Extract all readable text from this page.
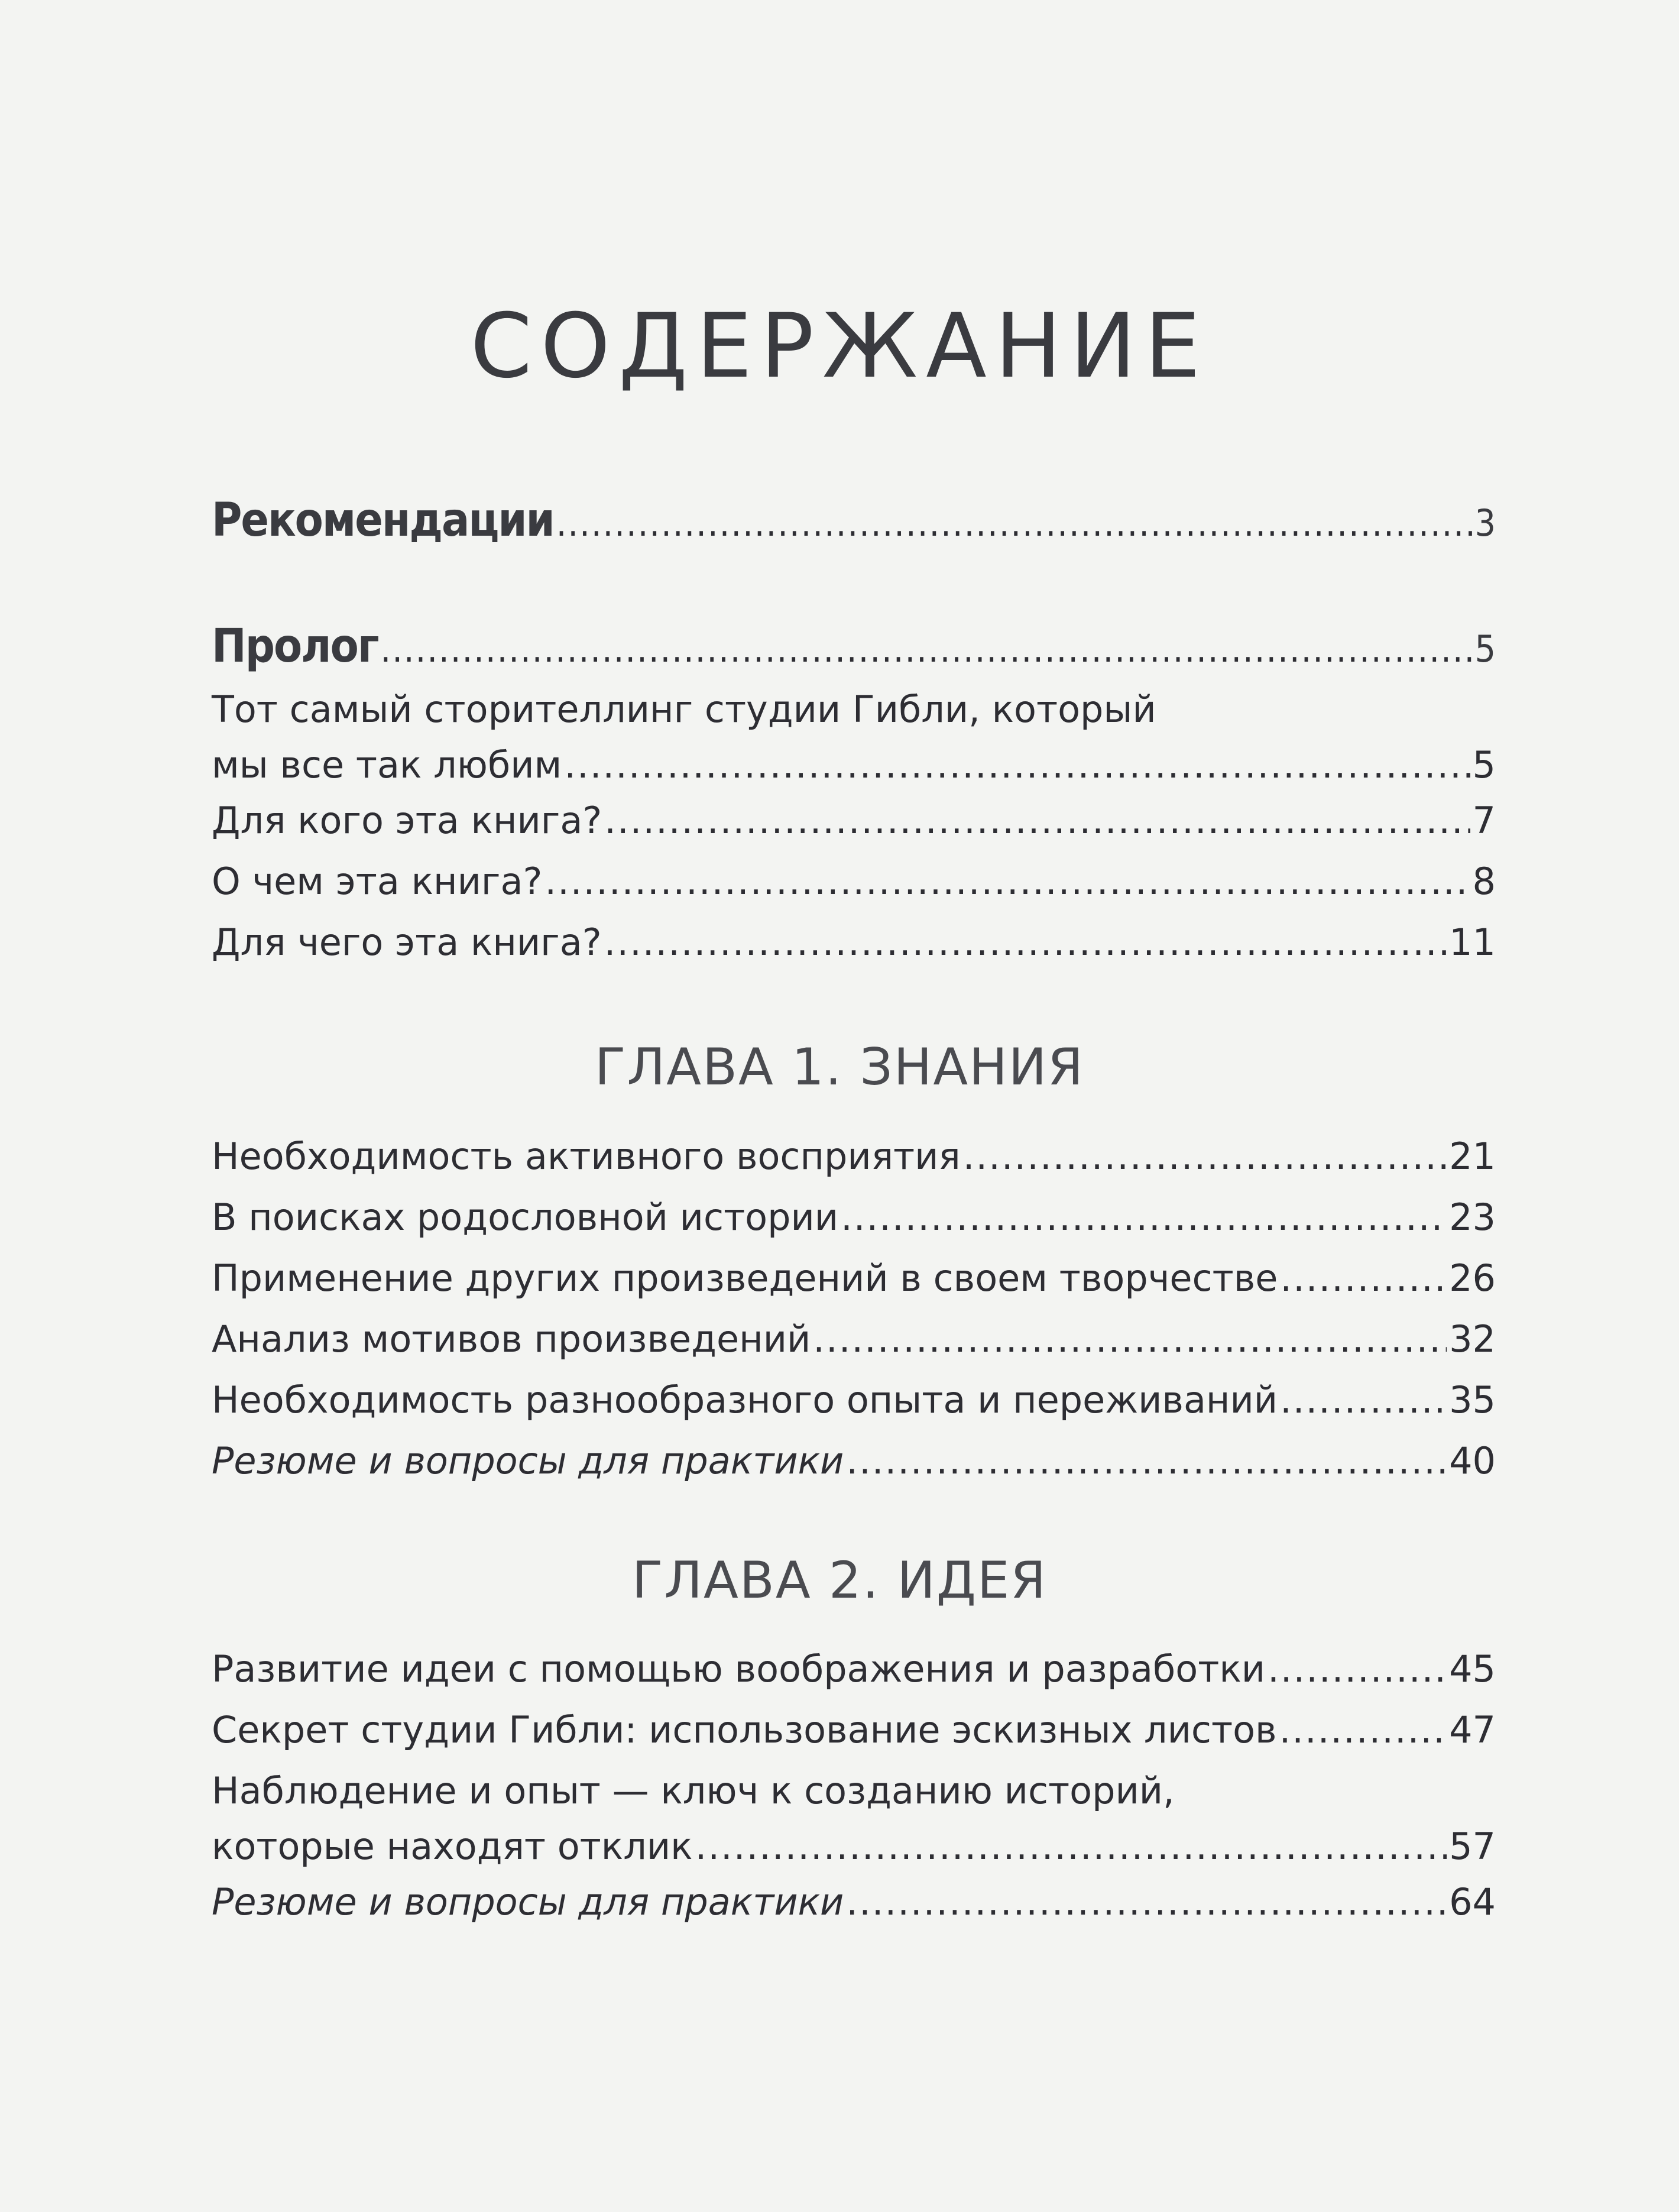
СОДЕРЖАНИЕ
Рекомендации .....	3
Пролог .....	5
Тот самый сторителлинг студии Гибли, который
мы все так любим .....	5
Для кого эта книга? .....	7
О чем эта книга? .....	8
Для чего эта книга? .....	11
Необходимость активного восприятия .....	21
В поисках родословной истории .....	23
Применение других произведений в своем творчестве .....	26
Анализ мотивов произведений .....	32
Необходимость разнообразного опыта и переживаний .....	35
Резюме и вопросы для практики .....	40
Развитие идеи с помощью воображения и разработки .....	45
Секрет студии Гибли: использование эскизных листов .....	47
Наблюдение и опыт — ключ к созданию историй,
которые находят отклик .....	57
Резюме и вопросы для практики .....	64
ГЛАВА 1. ЗНАНИЯ
ГЛАВА 2. ИДЕЯ
